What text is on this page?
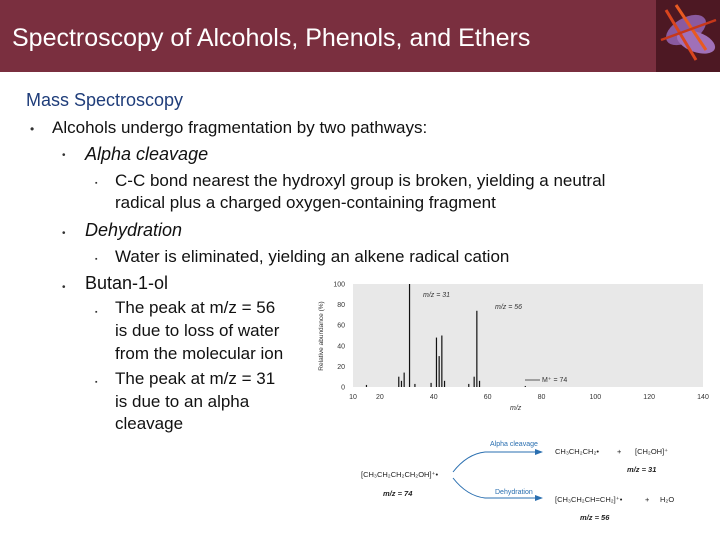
Spectroscopy of Alcohols, Phenols, and Ethers
Mass Spectroscopy
• Alcohols undergo fragmentation by two pathways:
• Alpha cleavage
▪ C-C bond nearest the hydroxyl group is broken, yielding a neutral
radical plus a charged oxygen-containing fragment
• Dehydration
▪ Water is eliminated, yielding an alkene radical cation
• Butan-1-ol
▪ The peak at m/z = 56
is due to loss of water
from the molecular ion
▪ The peak at m/z = 31
is due to an alpha
cleavage
Relative abundance (%)
100
80
60
40
20
0
10	20	40	60	80	100	120	140
m/z
m/z = 31
m/z = 56
M⁺ = 74
[CH₃CH₂CH₂CH₂OH]⁺•
m/z = 74
Alpha cleavage
Dehydration
CH₃CH₂CH₂• + [CH₂OH]⁺
m/z = 31
[CH₃CH₂CH=CH₂]⁺•	+ H₂O
m/z = 56
